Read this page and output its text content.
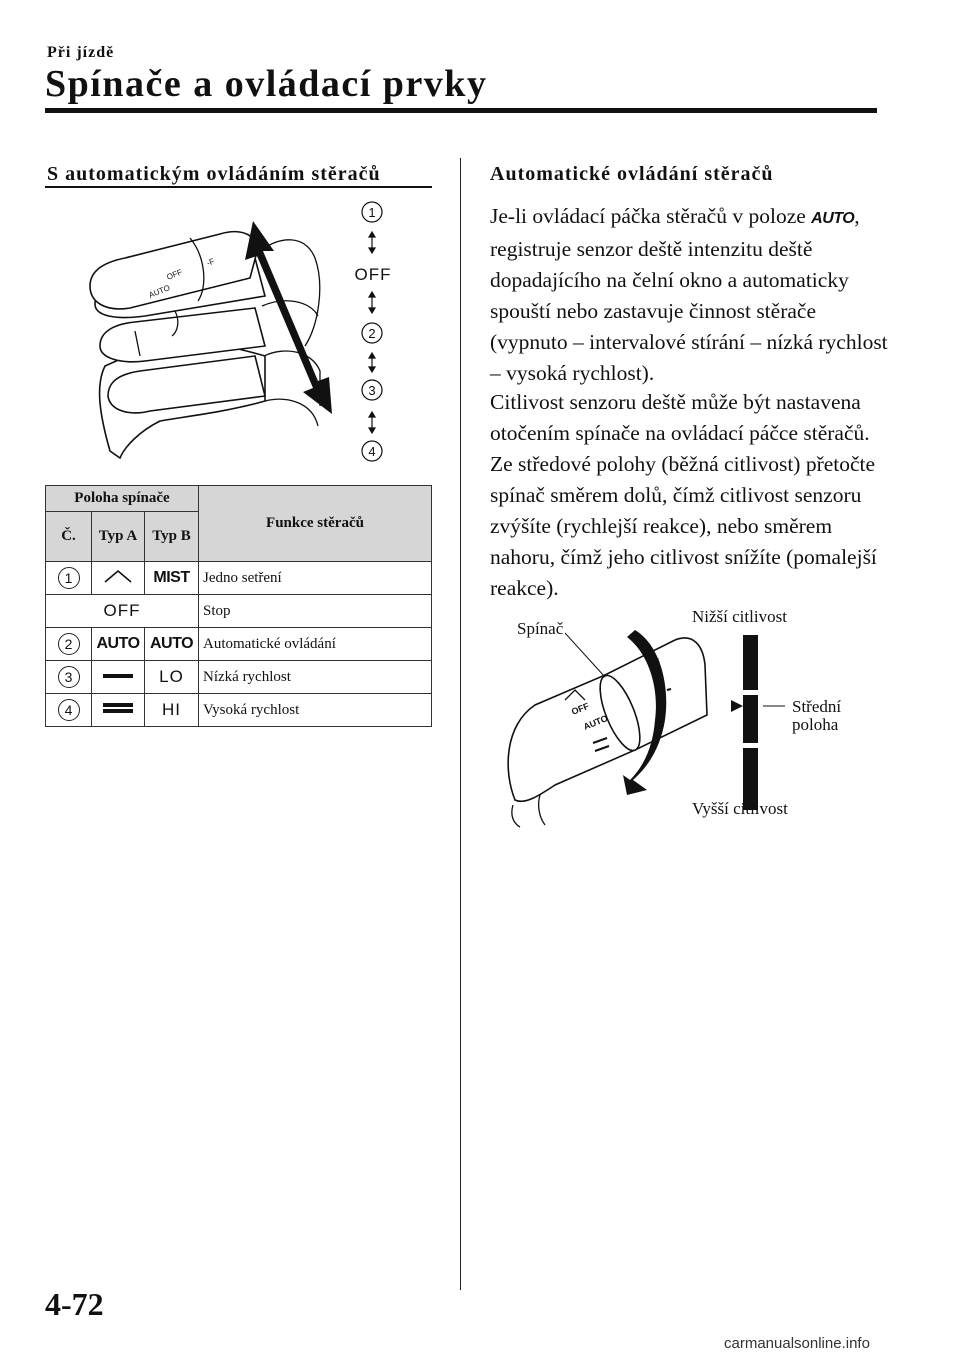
Při jízdě
Spínače a ovládací prvky
S automatickým ovládáním stěračů
AUTO
OFF
-F
1
OFF
2
3
4
Poloha spínače			Funkce stěračů
Č.	Typ A	Typ B	
1		MIST	Jedno setření
OFF			Stop
2	AUTO	AUTO	Automatické ovládání
3		LO	Nízká rychlost
4		HI	Vysoká rychlost
Automatické ovládání stěračů
Je-li ovládací páčka stěračů v poloze AUTO, registruje senzor deště intenzitu deště dopadajícího na čelní okno a automaticky spouští nebo zastavuje činnost stěrače (vypnuto – intervalové stírání – nízká rychlost – vysoká rychlost).
Citlivost senzoru deště může být nastavena otočením spínače na ovládací páčce stěračů.
Ze středové polohy (běžná citlivost) přetočte spínač směrem dolů, čímž citlivost senzoru zvýšíte (rychlejší reakce), nebo směrem nahoru, čímž jeho citlivost snížíte (pomalejší reakce).
OFF
AUTO
Spínač
Nižší citlivost
Střední
poloha
Vyšší citlivost
4-72
carmanualsonline.info
